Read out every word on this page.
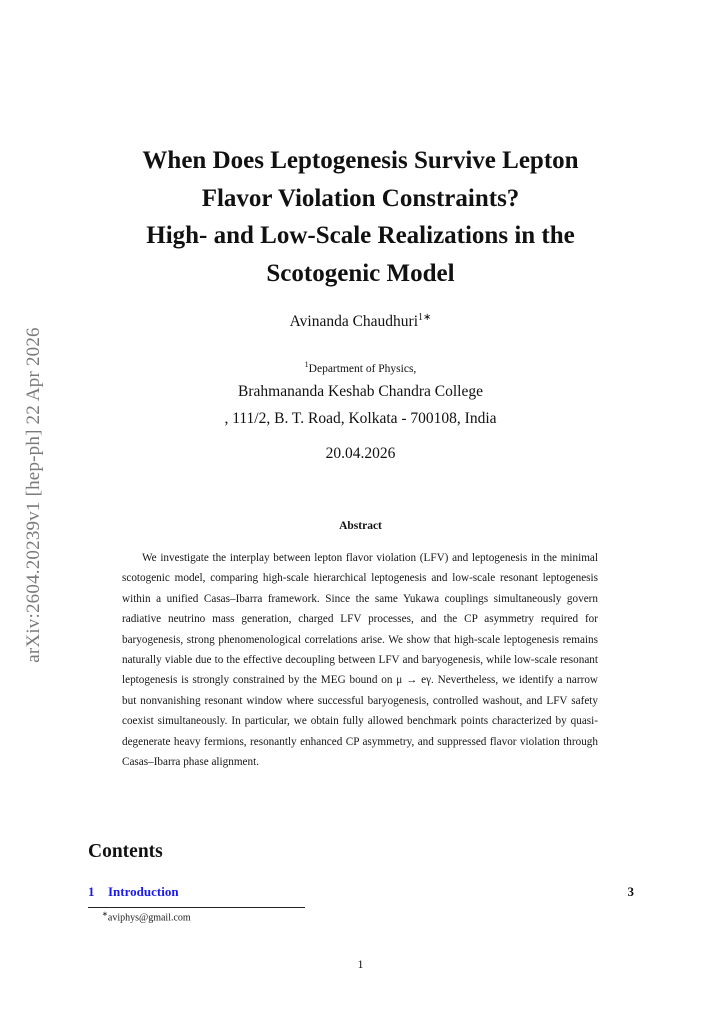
arXiv:2604.20239v1 [hep-ph] 22 Apr 2026
When Does Leptogenesis Survive Lepton
Flavor Violation Constraints?
High- and Low-Scale Realizations in the
Scotogenic Model
Avinanda Chaudhuri$^{1∗}$
$^1$Department of Physics,
Brahmananda Keshab Chandra College
, 111/2, B. T. Road, Kolkata - 700108, India
20.04.2026
Abstract
We investigate the interplay between lepton flavor violation (LFV) and leptogenesis in the minimal scotogenic model, comparing high-scale hierarchical leptogenesis and low-scale resonant leptogenesis within a unified Casas–Ibarra framework. Since the same Yukawa couplings simultaneously govern radiative neutrino mass generation, charged LFV processes, and the CP asymmetry required for baryogenesis, strong phenomenological correlations arise. We show that high-scale leptogenesis remains naturally viable due to the effective decoupling between LFV and baryogenesis, while low-scale resonant leptogenesis is strongly constrained by the MEG bound on μ → eγ. Nevertheless, we identify a narrow but nonvanishing resonant window where successful baryogenesis, controlled washout, and LFV safety coexist simultaneously. In particular, we obtain fully allowed benchmark points characterized by quasi-degenerate heavy fermions, resonantly enhanced CP asymmetry, and suppressed flavor violation through Casas–Ibarra phase alignment.
Contents
1 Introduction	3
∗aviphys@gmail.com
1
